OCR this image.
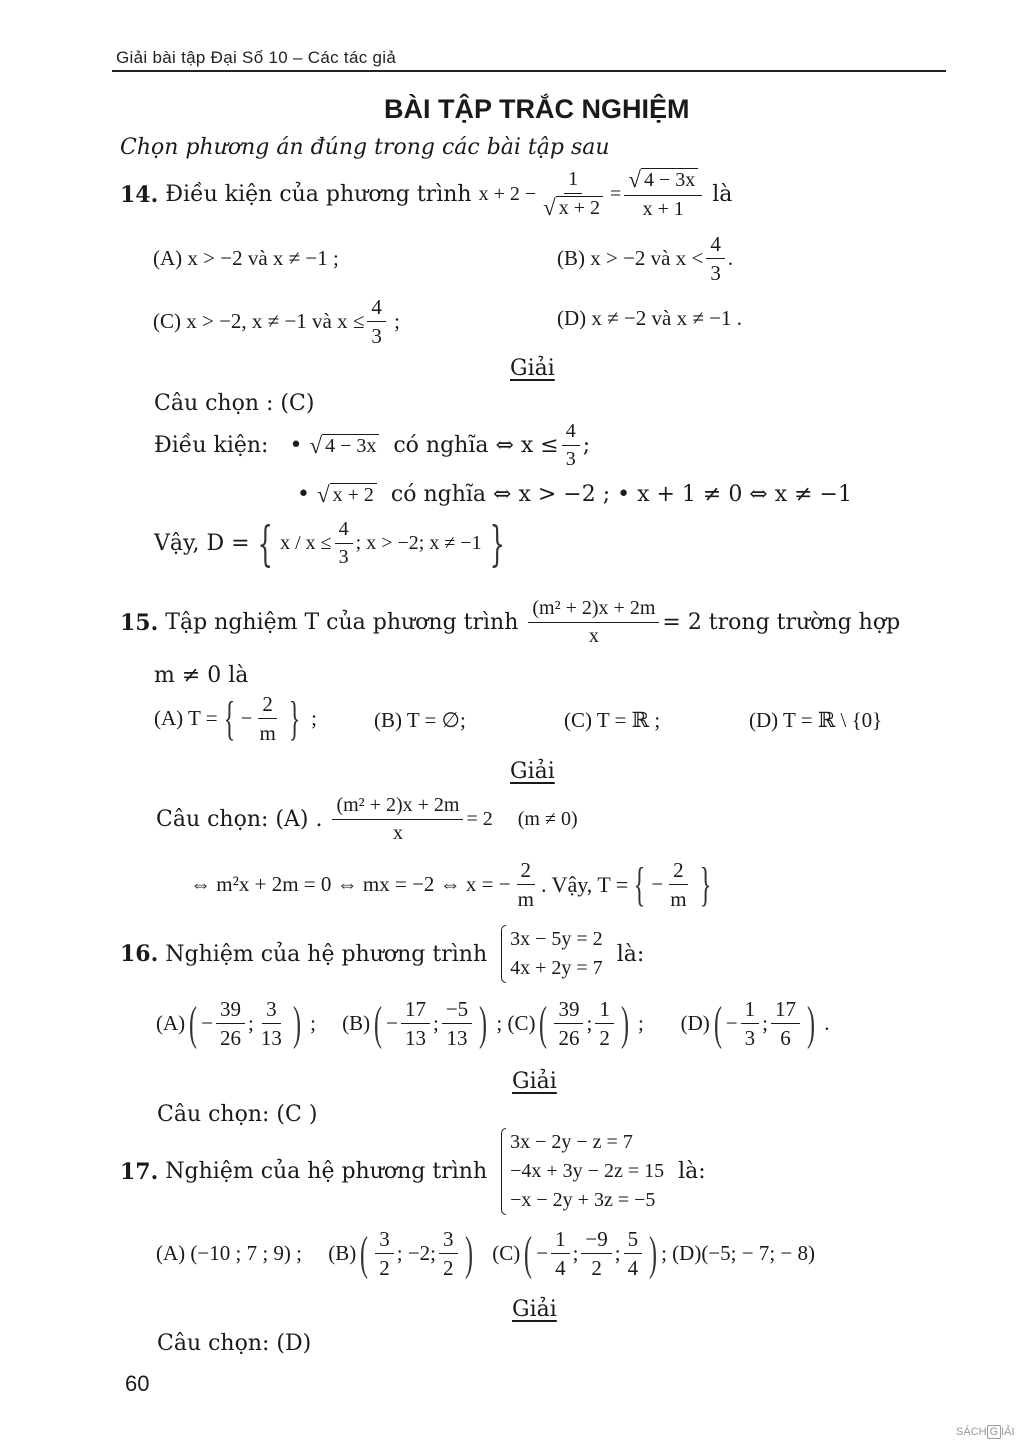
Giải bài tập Đại Số 10 – Các tác giả
BÀI TẬP TRẮC NGHIỆM
Chọn phương án đúng trong các bài tập sau
14.
Điều kiện của phương trình
$x + 2 - \frac{1}{√ x + 2} = \frac{√ 4 - 3x}{x + 1}$
là
(A) x > −2 và x ≠ −1 ;	(B) x > −2 và $x < \frac{4}{3}$ .
(C) x > −2, x ≠ −1 và $x \le \frac{4}{3}$
;	(D) x ≠ −2 và x ≠ −1 .
Giải
Câu chọn : (C)
Điều kiện:
•
√ 4 − 3x
có nghĩa ⇔ $x \le \frac{4}{3}$ ;
•
√ x + 2
có nghĩa ⇔ x > −2 ; • x + 1 ≠ 0 ⇔ x ≠ −1
Vậy, D = { $x / x \le \frac{4}{3}$ ; x > −2; x ≠ −1 }
15.
Tập nghiệm T của phương trình
$\frac{\text{(m² + 2)x + 2m}}{x} = 2$ trong trường hợp
m ≠ 0 là
(A) T = { − $\frac{2}{m}$ }
;	(B) T = ∅;	(C) T = ℝ ;	(D) T = ℝ \ {0}
Giải
Câu chọn: (A) .
$\frac{\text{(m² + 2)x + 2m}}{x} = 2$     (m ≠ 0)
⇔ m²x + 2m = 0 ⇔ mx = −2 ⇔ x = − $\frac{2}{m}$ . Vậy, T = { − $\frac{2}{m}$ }
16.
Nghiệm của hệ phương trình

3x − 5y = 2
4x + 2y = 7

là:
(A) ( − $\frac{39}{26}$ ; $\frac{3}{13}$ ) ; (B) ( − $\frac{17}{13}$ ; $\frac{-5}{13}$ )
; (C) ( $\frac{39}{26}$ ; $\frac{1}{2}$ ) ; (D) ( − $\frac{1}{3}$ ; $\frac{17}{6}$ ) .
Giải
Câu chọn: (C )
17.
Nghiệm của hệ phương trình

3x − 2y − z = 7
−4x + 3y − 2z = 15
−x − 2y + 3z = −5

là:
(A) (−10 ; 7 ; 9) ;
(B) ( $\frac{3}{2}$ ; −2; $\frac{3}{2}$ )
(C) ( − $\frac{1}{4}$ ; $\frac{-9}{2}$ ; $\frac{5}{4}$ ) ; (D)(−5; − 7; − 8)
Giải
Câu chọn: (D)
60
SÁCH G IẢI
